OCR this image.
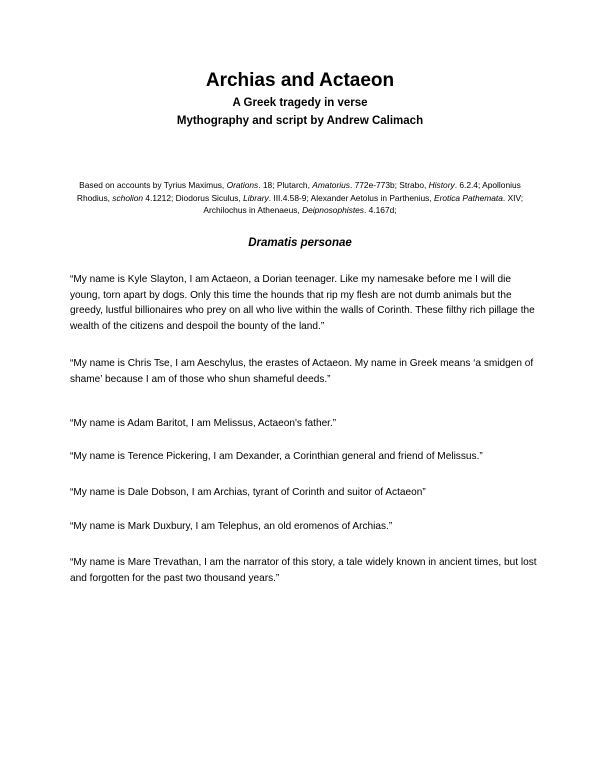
Archias and Actaeon

A Greek tragedy in verse

Mythography and script by Andrew Calimach

Based on accounts by Tyrius Maximus, Orations. 18; Plutarch, Amatorius. 772e-773b; Strabo, History. 6.2.4; Apollonius Rhodius, scholion 4.1212; Diodorus Siculus, Library. III.4.58-9; Alexander Aetolus in Parthenius, Erotica Pathemata. XIV; Archilochus in Athenaeus, Deipnosophistes. 4.167d;

Dramatis personae

“My name is Kyle Slayton, I am Actaeon, a Dorian teenager. Like my namesake before me I will die young, torn apart by dogs. Only this time the hounds that rip my flesh are not dumb animals but the greedy, lustful billionaires who prey on all who live within the walls of Corinth. These filthy rich pillage the wealth of the citizens and despoil the bounty of the land.”

“My name is Chris Tse, I am Aeschylus, the erastes of Actaeon. My name in Greek means ‘a smidgen of shame’ because I am of those who shun shameful deeds.”

“My name is Adam Baritot, I am Melissus, Actaeon's father.”

“My name is Terence Pickering, I am Dexander, a Corinthian general and friend of Melissus.”

“My name is Dale Dobson, I am Archias, tyrant of Corinth and suitor of Actaeon”

“My name is Mark Duxbury, I am Telephus, an old eromenos of Archias.”

“My name is Mare Trevathan, I am the narrator of this story, a tale widely known in ancient times, but lost and forgotten for the past two thousand years.”
